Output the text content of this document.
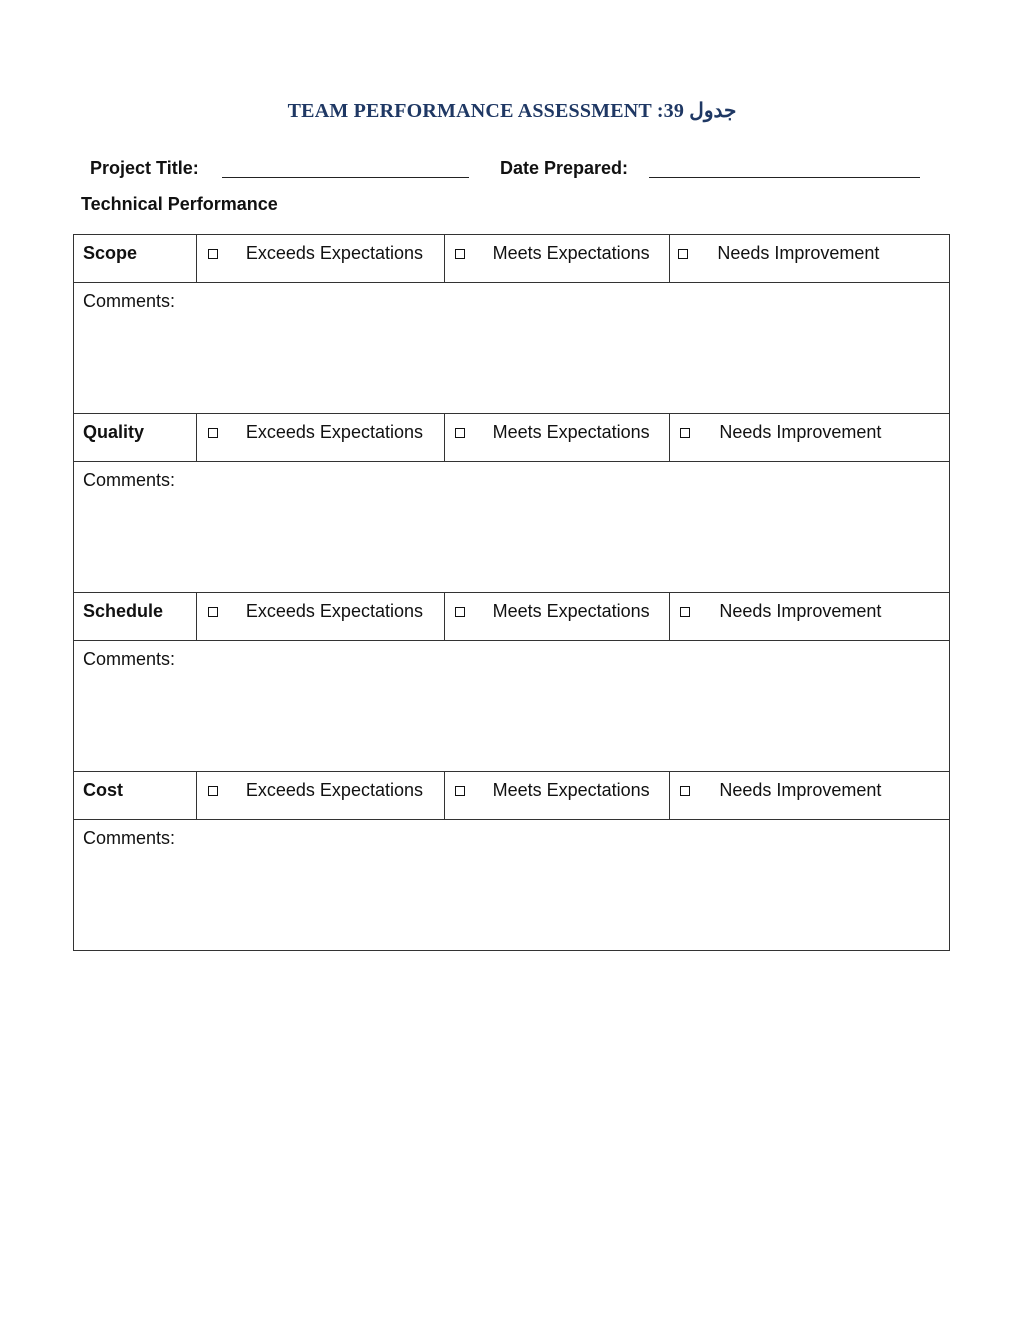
TEAM PERFORMANCE ASSESSMENT :39 جدول
Project Title:	Date Prepared:
Technical Performance
Scope	Exceeds Expectations	Meets Expectations	Needs Improvement

Comments:			
Quality	Exceeds Expectations	Meets Expectations	Needs Improvement

Comments:			
Schedule	Exceeds Expectations	Meets Expectations	Needs Improvement

Comments:			
Cost	Exceeds Expectations	Meets Expectations	Needs Improvement

Comments:			
